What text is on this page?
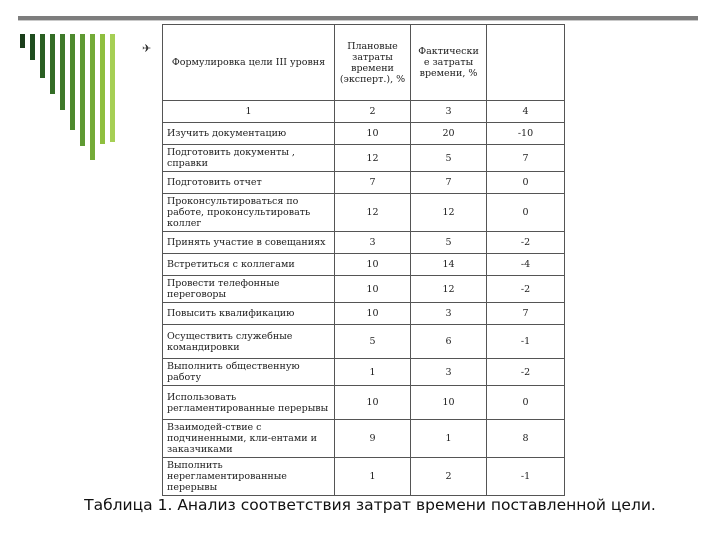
✈
Формулировка цели III уровня	Плановые затраты времени (эксперт.), %	Фактически е затраты времени, %	
1	2	3	4
Изучить документацию	10	20	-10
Подготовить документы , справки	12	5	7
Подготовить отчет	7	7	0
Проконсультироваться по работе, проконсультировать коллег	12	12	0
Принять участие в совещаниях	3	5	-2
Встретиться с коллегами	10	14	-4
Провести телефонные переговоры	10	12	-2
Повысить квалификацию	10	3	7
Осуществить служебные командировки	5	6	-1
Выполнить общественную работу	1	3	-2
Использовать регламентированные перерывы	10	10	0
Взаимодей-ствие с подчиненными, кли-ентами и заказчиками	9	1	8
Выполнить нерегламентированные перерывы	1	2	-1
Таблица 1. Анализ соответствия затрат времени поставленной цели.
